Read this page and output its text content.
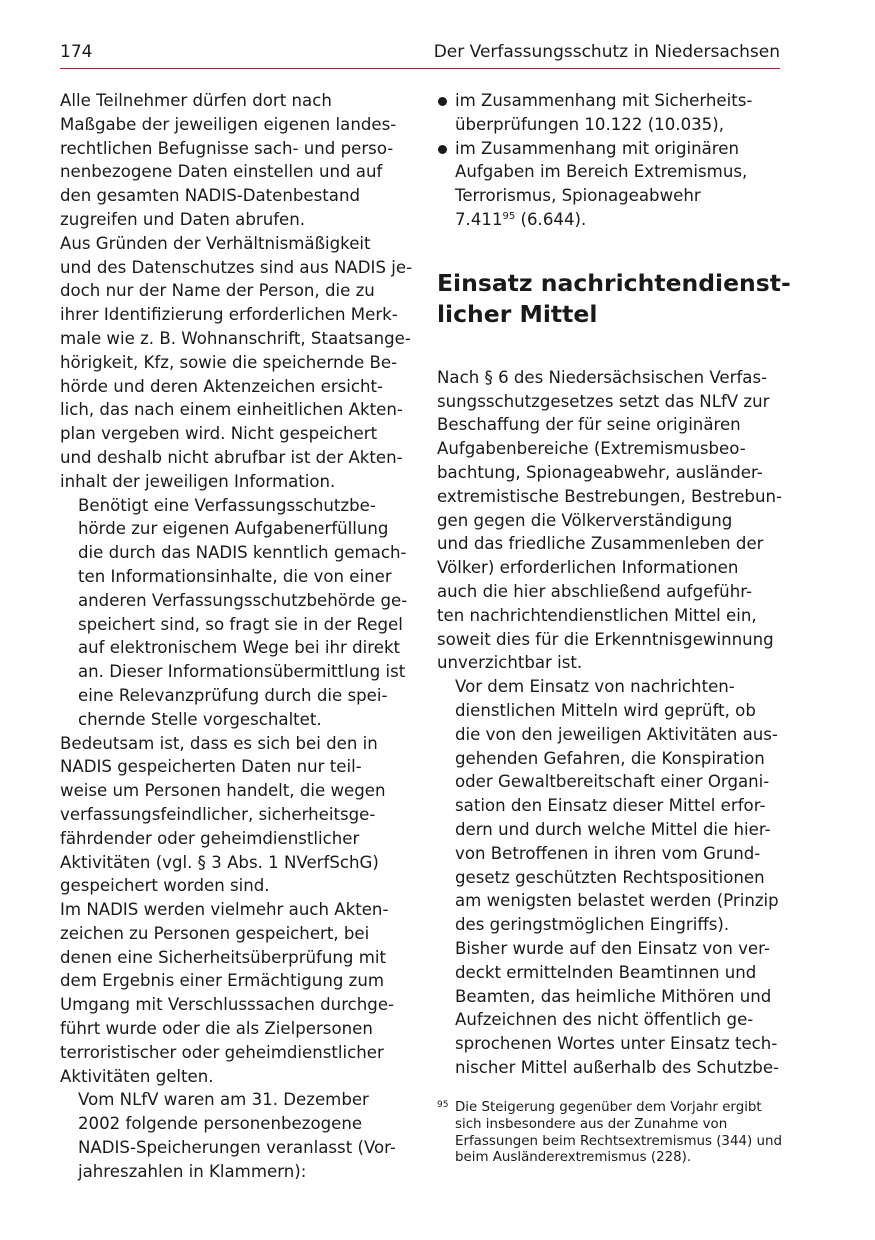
174	Der Verfassungsschutz in Niedersachsen

Alle Teilnehmer dürfen dort nach
Maßgabe der jeweiligen eigenen landes-
rechtlichen Befugnisse sach- und perso-
nenbezogene Daten einstellen und auf
den gesamten NADIS-Datenbestand
zugreifen und Daten abrufen.

Aus Gründen der Verhältnismäßigkeit
und des Datenschutzes sind aus NADIS je-
doch nur der Name der Person, die zu
ihrer Identifizierung erforderlichen Merk-
male wie z. B. Wohnanschrift, Staatsange-
hörigkeit, Kfz, sowie die speichernde Be-
hörde und deren Aktenzeichen ersicht-
lich, das nach einem einheitlichen Akten-
plan vergeben wird. Nicht gespeichert
und deshalb nicht abrufbar ist der Akten-
inhalt der jeweiligen Information.

Benötigt eine Verfassungsschutzbe-
hörde zur eigenen Aufgabenerfüllung
die durch das NADIS kenntlich gemach-
ten Informationsinhalte, die von einer
anderen Verfassungsschutzbehörde ge-
speichert sind, so fragt sie in der Regel
auf elektronischem Wege bei ihr direkt
an. Dieser Informationsübermittlung ist
eine Relevanzprüfung durch die spei-
chernde Stelle vorgeschaltet.

Bedeutsam ist, dass es sich bei den in
NADIS gespeicherten Daten nur teil-
weise um Personen handelt, die wegen
verfassungsfeindlicher, sicherheitsge-
fährdender oder geheimdienstlicher
Aktivitäten (vgl. § 3 Abs. 1 NVerfSchG)
gespeichert worden sind.

Im NADIS werden vielmehr auch Akten-
zeichen zu Personen gespeichert, bei
denen eine Sicherheitsüberprüfung mit
dem Ergebnis einer Ermächtigung zum
Umgang mit Verschlusssachen durchge-
führt wurde oder die als Zielpersonen
terroristischer oder geheimdienstlicher
Aktivitäten gelten.

Vom NLfV waren am 31. Dezember
2002 folgende personenbezogene
NADIS-Speicherungen veranlasst (Vor-
jahreszahlen in Klammern):

im Zusammenhang mit Sicherheits-
überprüfungen 10.122 (10.035),
im Zusammenhang mit originären
Aufgaben im Bereich Extremismus,
Terrorismus, Spionageabwehr
7.411$^{95}$ (6.644).
Einsatz nachrichtendienst-
licher Mittel

Nach § 6 des Niedersächsischen Verfas-
sungsschutzgesetzes setzt das NLfV zur
Beschaffung der für seine originären
Aufgabenbereiche (Extremismusbeo-
bachtung, Spionageabwehr, ausländer-
extremistische Bestrebungen, Bestrebun-
gen gegen die Völkerverständigung
und das friedliche Zusammenleben der
Völker) erforderlichen Informationen
auch die hier abschließend aufgeführ-
ten nachrichtendienstlichen Mittel ein,
soweit dies für die Erkenntnisgewinnung
unverzichtbar ist.

Vor dem Einsatz von nachrichten-
dienstlichen Mitteln wird geprüft, ob
die von den jeweiligen Aktivitäten aus-
gehenden Gefahren, die Konspiration
oder Gewaltbereitschaft einer Organi-
sation den Einsatz dieser Mittel erfor-
dern und durch welche Mittel die hier-
von Betroffenen in ihren vom Grund-
gesetz geschützten Rechtspositionen
am wenigsten belastet werden (Prinzip
des geringstmöglichen Eingriffs).

Bisher wurde auf den Einsatz von ver-
deckt ermittelnden Beamtinnen und
Beamten, das heimliche Mithören und
Aufzeichnen des nicht öffentlich ge-
sprochenen Wortes unter Einsatz tech-
nischer Mittel außerhalb des Schutzbe-

95 Die Steigerung gegenüber dem Vorjahr ergibt
sich insbesondere aus der Zunahme von
Erfassungen beim Rechtsextremismus (344) und
beim Ausländerextremismus (228).
